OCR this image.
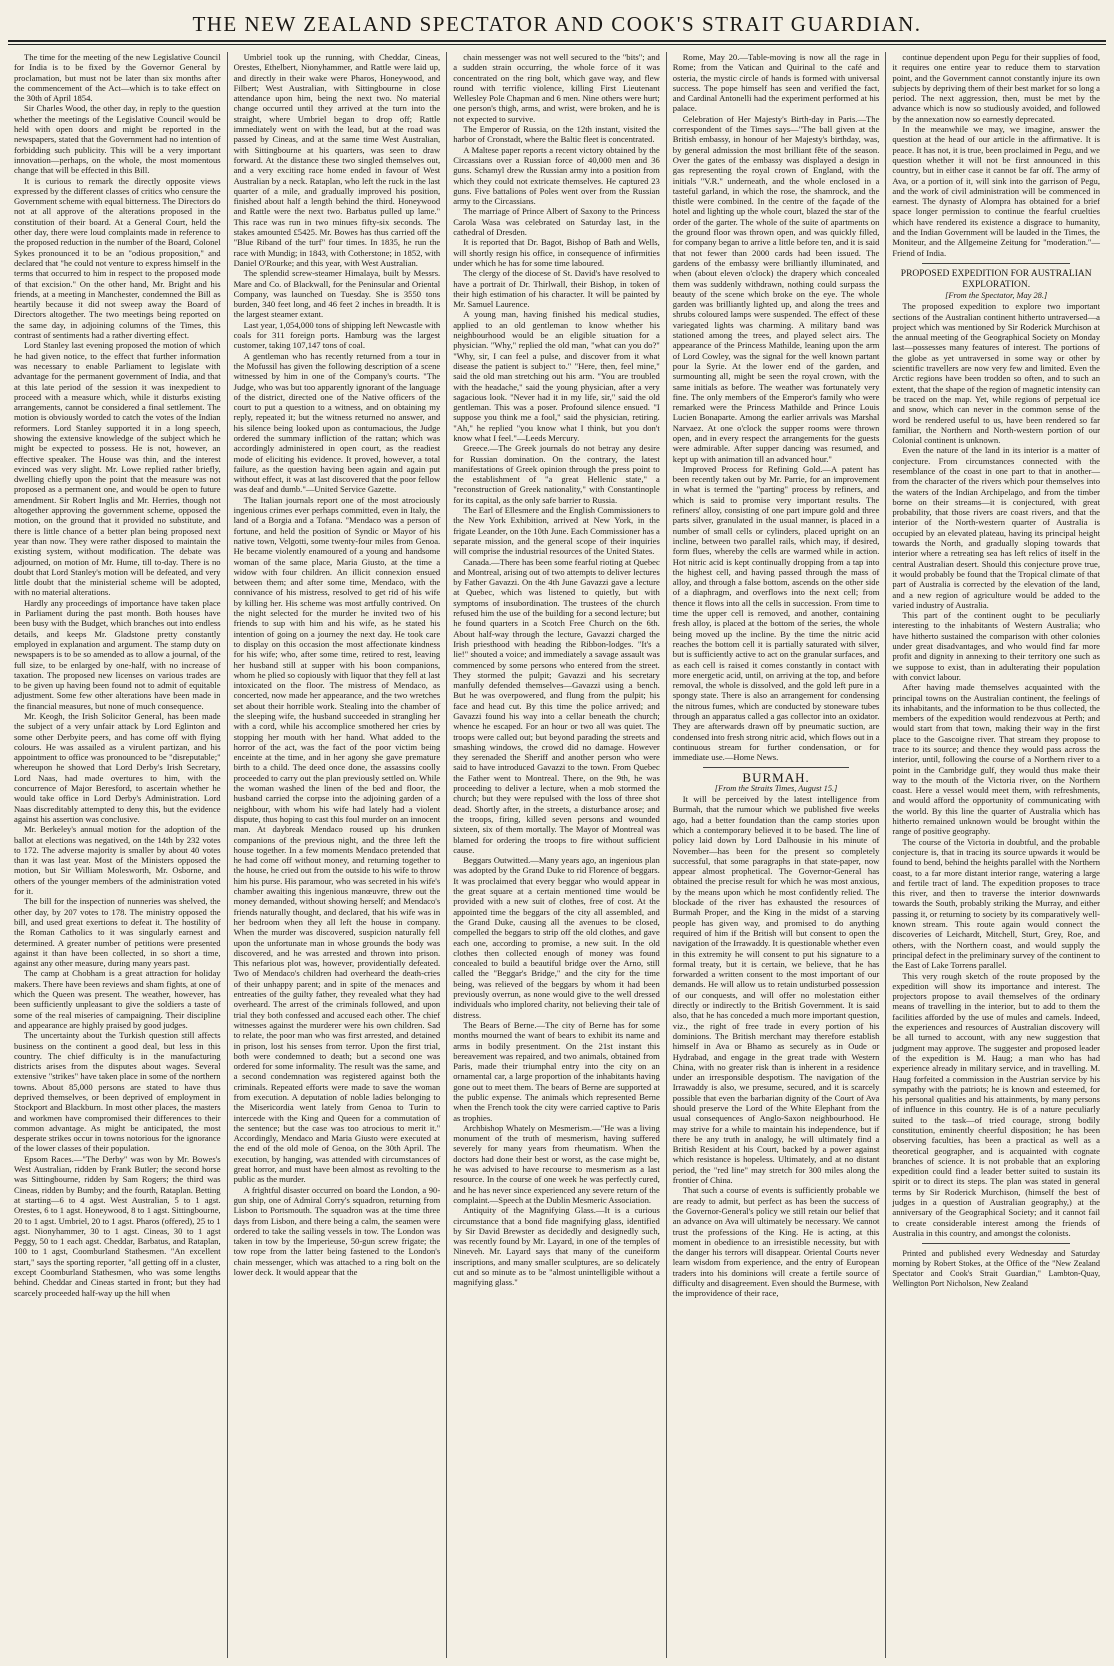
THE NEW ZEALAND SPECTATOR AND COOK'S STRAIT GUARDIAN.

The time for the meeting of the new Legislative Council for India is to be fixed by the Governor General by proclamation, but must not be later than six months after the commencement of the Act—which is to take effect on the 30th of April 1854.

Sir Charles Wood, the other day, in reply to the question whether the meetings of the Legislative Council would be held with open doors and might be reported in the newspapers, stated that the Government had no intention of forbidding such publicity. This will be a very important innovation—perhaps, on the whole, the most momentous change that will be effected in this Bill.

It is curious to remark the directly opposite views expressed by the different classes of critics who censure the Government scheme with equal bitterness. The Directors do not at all approve of the alterations proposed in the constitution of their board. At a General Court, held the other day, there were loud complaints made in reference to the proposed reduction in the number of the Board, Colonel Sykes pronounced it to be an "odious proposition," and declared that "he could not venture to express himself in the terms that occurred to him in respect to the proposed mode of that excision." On the other hand, Mr. Bright and his friends, at a meeting in Manchester, condemned the Bill as heartily because it did not sweep away the Board of Directors altogether. The two meetings being reported on the same day, in adjoining columns of the Times, this contrast of sentiments had a rather diverting effect.

Lord Stanley last evening proposed the motion of which he had given notice, to the effect that further information was necessary to enable Parliament to legislate with advantage for the permanent government of India, and that at this late period of the session it was inexpedient to proceed with a measure which, while it disturbs existing arrangements, cannot be considered a final settlement. The motion is obviously worded to catch the votes of the Indian reformers. Lord Stanley supported it in a long speech, showing the extensive knowledge of the subject which he might be expected to possess. He is not, however, an effective speaker. The House was thin, and the interest evinced was very slight. Mr. Lowe replied rather briefly, dwelling chiefly upon the point that the measure was not proposed as a permanent one, and would be open to future amendment. Sir Robert Inglis and Mr. Herries, though not altogether approving the government scheme, opposed the motion, on the ground that it provided no substitute, and there is little chance of a better plan being proposed next year than now. They were rather disposed to maintain the existing system, without modification. The debate was adjourned, on motion of Mr. Hume, till to-day. There is no doubt that Lord Stanley's motion will be defeated, and very little doubt that the ministerial scheme will be adopted, with no material alterations.

Hardly any proceedings of importance have taken place in Parliament during the past month. Both houses have been busy with the Budget, which branches out into endless details, and keeps Mr. Gladstone pretty constantly employed in explanation and argument. The stamp duty on newspapers is to be so amended as to allow a journal, of the full size, to be enlarged by one-half, with no increase of taxation. The proposed new licenses on various trades are to be given up having been found not to admit of equitable adjustment. Some few other alterations have been made in the financial measures, but none of much consequence.

Mr. Keogh, the Irish Solicitor General, has been made the subject of a very unfair attack by Lord Eglinton and some other Derbyite peers, and has come off with flying colours. He was assailed as a virulent partizan, and his appointment to office was pronounced to be "disreputable;" whereupon he showed that Lord Derby's Irish Secretary, Lord Naas, had made overtures to him, with the concurrence of Major Beresford, to ascertain whether he would take office in Lord Derby's Administration. Lord Naas discreditably attempted to deny this, but the evidence against his assertion was conclusive.

Mr. Berkeley's annual motion for the adoption of the ballot at elections was negatived, on the 14th by 232 votes to 172. The adverse majority is smaller by about 40 votes than it was last year. Most of the Ministers opposed the motion, but Sir William Molesworth, Mr. Osborne, and others of the younger members of the administration voted for it.

The bill for the inspection of nunneries was shelved, the other day, by 207 votes to 178. The ministry opposed the bill, and used great exertions to defeat it. The hostility of the Roman Catholics to it was singularly earnest and determined. A greater number of petitions were presented against it than have been collected, in so short a time, against any other measure, during many years past.

The camp at Chobham is a great attraction for holiday makers. There have been reviews and sham fights, at one of which the Queen was present. The weather, however, has been sufficiently unpleasant to give the soldiers a taste of some of the real miseries of campaigning. Their discipline and appearance are highly praised by good judges.

The uncertainty about the Turkish question still affects business on the continent a good deal, but less in this country. The chief difficulty is in the manufacturing districts arises from the disputes about wages. Several extensive "strikes" have taken place in some of the northern towns. About 85,000 persons are stated to have thus deprived themselves, or been deprived of employment in Stockport and Blackburn. In most other places, the masters and workmen have compromised their differences to their common advantage. As might be anticipated, the most desperate strikes occur in towns notorious for the ignorance of the lower classes of their population.

Epsom Races.—"The Derby" was won by Mr. Bowes's West Australian, ridden by Frank Butler; the second horse was Sittingbourne, ridden by Sam Rogers; the third was Cineas, ridden by Bumby; and the fourth, Rataplan. Betting at starting—6 to 4 agst. West Australian, 5 to 1 agst. Orestes, 6 to 1 agst. Honeywood, 8 to 1 agst. Sittingbourne, 20 to 1 agst. Umbriel, 20 to 1 agst. Pharos (offered), 25 to 1 agst. Nionyhammer, 30 to 1 agst. Cineas, 30 to 1 agst Peggy, 50 to 1 each agst. Cheddar, Barbatus, and Rataplan, 100 to 1 agst, Coomburland Stathesmen. "An excellent start," says the sporting reporter, "all getting off in a cluster, except Coomburland Stathesmen, who was some lengths behind. Cheddar and Cineas started in front; but they had scarcely proceeded half-way up the hill when

Umbriel took up the running, with Cheddar, Cineas, Orestes, Ethelbert, Nionyhammer, and Rattle were laid up, and directly in their wake were Pharos, Honeywood, and Filbert; West Australian, with Sittingbourne in close attendance upon him, being the next two. No material change occurred until they arrived at the turn into the straight, where Umbriel began to drop off; Rattle immediately went on with the lead, but at the road was passed by Cineas, and at the same time West Australian, with Sittingbourne at his quarters, was seen to draw forward. At the distance these two singled themselves out, and a very exciting race home ended in favour of West Australian by a neck. Rataplan, who left the ruck in the last quarter of a mile, and gradually improved his position, finished about half a length behind the third. Honeywood and Rattle were the next two. Barbatus pulled up lame." This race was run in two minues fifty-six seconds. The stakes amounted £5425. Mr. Bowes has thus carried off the "Blue Riband of the turf" four times. In 1835, he run the race with Mundig; in 1843, with Cotherstone; in 1852, with Daniel O'Rourke; and this year, with West Australian.

The splendid screw-steamer Himalaya, built by Messrs. Mare and Co. of Blackwall, for the Peninsular and Oriental Company, was launched on Tuesday. She is 3550 tons burden, 340 feet long, and 46 feet 2 inches in breadth. It is the largest steamer extant.

Last year, 1,054,000 tons of shipping left Newcastle with coals for 311 foreign ports. Hamburg was the largest customer, taking 107,147 tons of coal.

A gentleman who has recently returned from a tour in the Mofussil has given the following description of a scene witnessed by him in one of the Company's courts. "The Judge, who was but too apparently ignorant of the language of the district, directed one of the Native officers of the court to put a question to a witness, and on obtaining my reply, repeated it; but the witness returned no answer, and his silence being looked upon as contumacious, the Judge ordered the summary infliction of the rattan; which was accordingly administered in open court, as the readiest mode of eliciting his evidence. It proved, however, a total failure, as the question having been again and again put without effect, it was at last discovered that the poor fellow was deaf and dumb."—United Service Gazette.

The Italian journals report one of the most atrociously ingenious crimes ever perhaps committed, even in Italy, the land of a Borgia and a Tofana. "Mendaco was a person of fortune, and held the position of Syndic or Mayor of his native town, Velgotti, some twenty-four miles from Genoa. He became violently enamoured of a young and handsome woman of the same place, Maria Giusto, at the time a widow with four children. An illicit connexion ensued between them; and after some time, Mendaco, with the connivance of his mistress, resolved to get rid of his wife by killing her. His scheme was most artfully contrived. On the night selected for the murder he invited two of his friends to sup with him and his wife, as he stated his intention of going on a journey the next day. He took care to display on this occasion the most affectionate kindness for his wife; who, after some time, retired to rest, leaving her husband still at supper with his boon companions, whom he plied so copiously with liquor that they fell at last intoxicated on the floor. The mistress of Mendaco, as concerted, now made her appearance, and the two wretches set about their horrible work. Stealing into the chamber of the sleeping wife, the husband succeeded in strangling her with a cord, while his accomplice smothered her cries by stopping her mouth with her hand. What added to the horror of the act, was the fact of the poor victim being enceinte at the time, and in her agony she gave premature birth to a child. The deed once done, the assassins coolly proceeded to carry out the plan previously settled on. While the woman washed the linen of the bed and floor, the husband carried the corpse into the adjoining garden of a neighbour, with whom his wife had lately had a violent dispute, thus hoping to cast this foul murder on an innocent man. At daybreak Mendaco roused up his drunken companions of the previous night, and the three left the house together. In a few moments Mendaco pretended that he had come off without money, and returning together to the house, he cried out from the outside to his wife to throw him his purse. His paramour, who was secreted in his wife's chamber awaiting this ingenious manœuvre, threw out the money demanded, without showing herself; and Mendaco's friends naturally thought, and declared, that his wife was in her bedroom when they all left the house in company. When the murder was discovered, suspicion naturally fell upon the unfortunate man in whose grounds the body was discovered, and he was arrested and thrown into prison. This nefarious plot was, however, providentially defeated. Two of Mendaco's children had overheard the death-cries of their unhappy parent; and in spite of the menaces and entreaties of the guilty father, they revealed what they had overheard. The arrest of the criminals followed, and upon trial they both confessed and accused each other. The chief witnesses against the murderer were his own children. Sad to relate, the poor man who was first arrested, and detained in prison, lost his senses from terror. Upon the first trial, both were condemned to death; but a second one was ordered for some informality. The result was the same, and a second condemnation was registered against both the criminals. Repeated efforts were made to save the woman from execution. A deputation of noble ladies belonging to the Misericordia went lately from Genoa to Turin to intercede with the King and Queen for a commutation of the sentence; but the case was too atrocious to merit it." Accordingly, Mendaco and Maria Giusto were executed at the end of the old mole of Genoa, on the 30th April. The execution, by hanging, was attended with circumstances of great horror, and must have been almost as revolting to the public as the murder.

A frightful disaster occurred on board the London, a 90-gun ship, one of Admiral Corry's squadron, returning from Lisbon to Portsmouth. The squadron was at the time three days from Lisbon, and there being a calm, the seamen were ordered to take the sailing vessels in tow. The London was taken in tow by the Imperieuse, 50-gun screw frigate; the tow rope from the latter being fastened to the London's chain messenger, which was attached to a ring bolt on the lower deck. It would appear that the

chain messenger was not well secured to the "bits"; and a sudden strain occurring, the whole force of it was concentrated on the ring bolt, which gave way, and flew round with terrific violence, killing First Lieutenant Wellesley Pole Chapman and 6 men. Nine others were hurt; one person's thigh, arms, and wrist, were broken, and he is not expected to survive.

The Emperor of Russia, on the 12th instant, visited the harbor of Cronstadt, where the Baltic fleet is concentrated.

A Maltese paper reports a recent victory obtained by the Circassians over a Russian force of 40,000 men and 36 guns. Schamyl drew the Russian army into a position from which they could not extricate themselves. He captured 23 guns. Five battalions of Poles went over from the Russian army to the Circassians.

The marriage of Prince Albert of Saxony to the Princess Carola Wasa was celebrated on Saturday last, in the cathedral of Dresden.

It is reported that Dr. Bagot, Bishop of Bath and Wells, will shortly resign his office, in consequence of infirmities under which he has for some time laboured.

The clergy of the diocese of St. David's have resolved to have a portrait of Dr. Thirlwall, their Bishop, in token of their high estimation of his character. It will be painted by Mr. Samuel Laurence.

A young man, having finished his medical studies, applied to an old gentleman to know whether his neighbourhood would be an eligible situation for a physician. "Why," replied the old man, "what can you do?" "Why, sir, I can feel a pulse, and discover from it what disease the patient is subject to." "Here, then, feel mine," said the old man stretching out his arm. "You are troubled with the headache," said the young physician, after a very sagacious look. "Never had it in my life, sir," said the old gentleman. This was a poser. Profound silence ensued. "I suppose you think me a fool," said the physician, retiring. "Ah," he replied "you know what I think, but you don't know what I feel."—Leeds Mercury.

Greece.—The Greek journals do not betray any desire for Russian domination. On the contrary, the latest manifestations of Greek opinion through the press point to the establishment of "a great Hellenic state," a "reconstruction of Greek nationality," with Constantinople for its capital, as the only safe barrier to Russia.

The Earl of Ellesmere and the English Commissioners to the New York Exhibition, arrived at New York, in the frigate Leander, on the 10th June. Each Commissioner has a separate mission, and the general scope of their inquiries will comprise the industrial resources of the United States.

Canada.—There has been some fearful rioting at Quebec and Montreal, arising out of two attempts to deliver lectures by Father Gavazzi. On the 4th June Gavazzi gave a lecture at Quebec, which was listened to quietly, but with symptoms of insubordination. The trustees of the church refused him the use of the building for a second lecture; but he found quarters in a Scotch Free Church on the 6th. About half-way through the lecture, Gavazzi charged the Irish priesthood with heading the Ribbon-lodges. "It's a lie!" shouted a voice; and immediately a savage assault was commenced by some persons who entered from the street. They stormed the pulpit; Gavazzi and his secretary manfully defended themselves—Gavazzi using a bench. But he was overpowered, and flung from the pulpit; his face and head cut. By this time the police arrived; and Gavazzi found his way into a cellar beneath the church; whence he escaped. For an hour or two all was quiet. The troops were called out; but beyond parading the streets and smashing windows, the crowd did no damage. However they serenaded the Sheriff and another person who were said to have introduced Gavazzi to the town. From Quebec the Father went to Montreal. There, on the 9th, he was proceeding to deliver a lecture, when a mob stormed the church; but they were repulsed with the loss of three shot dead. Shortly after, in the streets, a disturbance arose; and the troops, firing, killed seven persons and wounded sixteen, six of them mortally. The Mayor of Montreal was blamed for ordering the troops to fire without sufficient cause.

Beggars Outwitted.—Many years ago, an ingenious plan was adopted by the Grand Duke to rid Florence of beggars. It was proclaimed that every beggar who would appear in the great square at a certain mentioned time would be provided with a new suit of clothes, free of cost. At the appointed time the beggars of the city all assembled, and the Grand Duke, causing all the avenues to be closed, compelled the beggars to strip off the old clothes, and gave each one, according to promise, a new suit. In the old clothes then collected enough of money was found concealed to build a beautiful bridge over the Arno, still called the "Beggar's Bridge," and the city for the time being, was relieved of the beggars by whom it had been previously overrun, as none would give to the well dressed individuals who implored charity, not believing their tale of distress.

The Bears of Berne.—The city of Berne has for some months mourned the want of bears to exhibit its name and arms in bodily presentment. On the 21st instant this bereavement was repaired, and two animals, obtained from Paris, made their triumphal entry into the city on an ornamental car, a large proportion of the inhabitants having gone out to meet them. The bears of Berne are supported at the public expense. The animals which represented Berne when the French took the city were carried captive to Paris as trophies.

Archbishop Whately on Mesmerism.—"He was a living monument of the truth of mesmerism, having suffered severely for many years from rheumatism. When the doctors had done their best or worst, as the case might be, he was advised to have recourse to mesmerism as a last resource. In the course of one week he was perfectly cured, and he has never since experienced any severe return of the complaint.—Speech at the Dublin Mesmeric Association.

Antiquity of the Magnifying Glass.—It is a curious circumstance that a bond fide magnifying glass, identified by Sir David Brewster as decidedly and designedly such, was recently found by Mr. Layard, in one of the temples of Nineveh. Mr. Layard says that many of the cuneiform inscriptions, and many smaller sculptures, are so delicately cut and so minute as to be "almost unintelligible without a magnifying glass."

Rome, May 20.—Table-moving is now all the rage in Rome; from the Vatican and Quirinal to the café and osteria, the mystic circle of hands is formed with universal success. The pope himself has seen and verified the fact, and Cardinal Antonelli had the experiment performed at his palace.

Celebration of Her Majesty's Birth-day in Paris.—The correspondent of the Times says—"The ball given at the British embassy, in honour of her Majesty's birthday, was, by general admission the most brilliant fête of the season. Over the gates of the embassy was displayed a design in gas representing the royal crown of England, with the initials "V.R." underneath, and the whole enclosed in a tasteful garland, in which the rose, the shamrock, and the thistle were combined. In the centre of the façade of the hotel and lighting up the whole court, blazed the star of the order of the garter. The whole of the suite of apartments on the ground floor was thrown open, and was quickly filled, for company began to arrive a little before ten, and it is said that not fewer than 2000 cards had been issued. The gardens of the embassy were brilliantly illuminated, and when (about eleven o'clock) the drapery which concealed them was suddenly withdrawn, nothing could surpass the beauty of the scene which broke on the eye. The whole garden was brilliantly lighted up, and along the trees and shrubs coloured lamps were suspended. The effect of these variegated lights was charming. A military band was stationed among the trees, and played select airs. The appearance of the Princess Mathilde, leaning upon the arm of Lord Cowley, was the signal for the well known partant pour la Syrie. At the lower end of the garden, and surmounting all, might be seen the royal crown, with the same initials as before. The weather was fortunately very fine. The only members of the Emperor's family who were remarked were the Princess Mathilde and Prince Louis Lucien Bonaparte. Among the earlier arrivals was Marshal Narvaez. At one o'clock the supper rooms were thrown open, and in every respect the arrangements for the guests were admirable. After supper dancing was resumed, and kept up with animation till an advanced hour."

Improved Process for Refining Gold.—A patent has been recently taken out by Mr. Parrie, for an improvement in what is termed the "parting" process by refiners, and which is said to promise very important results. The refiners' alloy, consisting of one part impure gold and three parts silver, granulated in the usual manner, is placed in a number of small cells or cylinders, placed upright on an incline, between two parallel rails, which may, if desired, form flues, whereby the cells are warmed while in action. Hot nitric acid is kept continually dropping from a tap into the highest cell, and having passed through the mass of alloy, and through a false bottom, ascends on the other side of a diaphragm, and overflows into the next cell; from thence it flows into all the cells in succession. From time to time the upper cell is removed, and another, containing fresh alloy, is placed at the bottom of the series, the whole being moved up the incline. By the time the nitric acid reaches the bottom cell it is partially saturated with silver, but is sufficiently active to act on the granular surfaces, and as each cell is raised it comes constantly in contact with more energetic acid, until, on arriving at the top, and before removal, the whole is dissolved, and the gold left pure in a spongy state. There is also an arrangement for condensing the nitrous fumes, which are conducted by stoneware tubes through an apparatus called a gas collector into an oxidator. They are afterwards drawn off by pneumatic suction, are condensed into fresh strong nitric acid, which flows out in a continuous stream for further condensation, or for immediate use.—Home News.

BURMAH.

[From the Straits Times, August 15.]

It will be perceived by the latest intelligence from Burmah, that the rumour which we published five weeks ago, had a better foundation than the camp stories upon which a contemporary believed it to be based. The line of policy laid down by Lord Dalhousie in his minute of November—has been for the present so completely successful, that some paragraphs in that state-paper, now appear almost prophetical. The Governor-General has obtained the precise result for which he was most anxious, by the means upon which he most confidently relied. The blockade of the river has exhausted the resources of Burmah Proper, and the King in the midst of a starving people has given way, and promised to do anything required of him if the British will but consent to open the navigation of the Irrawaddy. It is questionable whether even in this extremity he will consent to put his signature to a formal treaty, but it is certain, we believe, that he has forwarded a written consent to the most important of our demands. He will allow us to retain undisturbed possession of our conquests, and will offer no molestation either directly or indirectly to the British Government. It is said also, that he has conceded a much more important question, viz., the right of free trade in every portion of his dominions. The British merchant may therefore establish himself in Ava or Bhamo as securely as in Oude or Hydrabad, and engage in the great trade with Western China, with no greater risk than is inherent in a residence under an irresponsible despotism. The navigation of the Irrawaddy is also, we presume, secured, and it is scarcely possible that even the barbarian dignity of the Court of Ava should preserve the Lord of the White Elephant from the usual consequences of Anglo-Saxon neighbourhood. He may strive for a while to maintain his independence, but if there be any truth in analogy, he will ultimately find a British Resident at his Court, backed by a power against which resistance is hopeless. Ultimately, and at no distant period, the "red line" may stretch for 300 miles along the frontier of China.

That such a course of events is sufficiently probable we are ready to admit, but perfect as has been the success of the Governor-General's policy we still retain our belief that an advance on Ava will ultimately be necessary. We cannot trust the professions of the King. He is acting, at this moment in obedience to an irresistible necessity, but with the danger his terrors will disappear. Oriental Courts never learn wisdom from experience, and the entry of European traders into his dominions will create a fertile source of difficulty and disagreement. Even should the Burmese, with the improvidence of their race,

continue dependent upon Pegu for their supplies of food, it requires one entire year to reduce them to starvation point, and the Government cannot constantly injure its own subjects by depriving them of their best market for so long a period. The next aggression, then, must be met by the advance which is now so studiously avoided, and followed by the annexation now so earnestly deprecated.

In the meanwhile we may, we imagine, answer the question at the head of our article in the affirmative. It is peace. It has not, it is true, been proclaimed in Pegu, and we question whether it will not be first announced in this country, but in either case it cannot be far off. The army of Ava, or a portion of it, will sink into the garrison of Pegu, and the work of civil administration will be commenced in earnest. The dynasty of Alompra has obtained for a brief space longer permission to continue the fearful cruelties which have rendered its existence a disgrace to humanity, and the Indian Government will be lauded in the Times, the Moniteur, and the Allgemeine Zeitung for "moderation."—Friend of India.

PROPOSED EXPEDITION FOR AUSTRALIAN EXPLORATION.

[From the Spectator, May 28.]

The proposed expedition to explore two important sections of the Australian continent hitherto untraversed—a project which was mentioned by Sir Roderick Murchison at the annual meeting of the Geographical Society on Monday last—possesses many features of interest. The portions of the globe as yet untraversed in some way or other by scientific travellers are now very few and limited. Even the Arctic regions have been trodden so often, and to such an extent, that the shape of the region of magnetic intensity can be traced on the map. Yet, while regions of perpetual ice and snow, which can never in the common sense of the word be rendered useful to us, have been rendered so far familiar, the Northern and North-western portion of our Colonial continent is unknown.

Even the nature of the land in its interior is a matter of conjecture. From circumstances connected with the resemblance of the coast in one part to that in another—from the character of the rivers which pour themselves into the waters of the Indian Archipelago, and from the timber borne on their streams—it is conjectured, with great probability, that those rivers are coast rivers, and that the interior of the North-western quarter of Australia is occupied by an elevated plateau, having its principal height towards the North, and gradually sloping towards that interior where a retreating sea has left relics of itself in the central Australian desert. Should this conjecture prove true, it would probably be found that the Tropical climate of that part of Australia is corrected by the elevation of the land, and a new region of agriculture would be added to the varied industry of Australia.

This part of the continent ought to be peculiarly interesting to the inhabitants of Western Australia; who have hitherto sustained the comparison with other colonies under great disadvantages, and who would find far more profit and dignity in annexing to their territory one such as we suppose to exist, than in adulterating their population with convict labour.

After having made themselves acquainted with the principal towns on the Australian continent, the feelings of its inhabitants, and the information to be thus collected, the members of the expedition would rendezvous at Perth; and would start from that town, making their way in the first place to the Gascoigne river. That stream they propose to trace to its source; and thence they would pass across the interior, until, following the course of a Northern river to a point in the Cambridge gulf, they would thus make their way to the mouth of the Victoria river, on the Northern coast. Here a vessel would meet them, with refreshments, and would afford the opportunity of communicating with the world. By this line the quarter of Australia which has hitherto remained unknown would be brought within the range of positive geography.

The course of the Victoria in doubtful, and the probable conjecture is, that in tracing its source upwards it would be found to bend, behind the heights parallel with the Northern coast, to a far more distant interior range, watering a large and fertile tract of land. The expedition proposes to trace this river, and then to traverse the interior downwards towards the South, probably striking the Murray, and either passing it, or returning to society by its comparatively well-known stream. This route again would connect the discoveries of Leichardt, Mitchell, Sturt, Grey, Roe, and others, with the Northern coast, and would supply the principal defect in the preliminary survey of the continent to the East of Lake Torrens parallel.

This very rough sketch of the route proposed by the expedition will show its importance and interest. The projectors propose to avail themselves of the ordinary means of travelling in the interior, but to add to them the facilities afforded by the use of mules and camels. Indeed, the experiences and resources of Australian discovery will be all turned to account, with any new suggestion that judgment may approve. The suggester and proposed leader of the expedition is M. Haug; a man who has had experience already in military service, and in travelling. M. Haug forfeited a commission in the Austrian service by his sympathy with the patriots; he is known and esteemed, for his personal qualities and his attainments, by many persons of influence in this country. He is of a nature peculiarly suited to the task—of tried courage, strong bodily constitution, eminently cheerful disposition; he has been observing faculties, has been a practical as well as a theoretical geographer, and is acquainted with cognate branches of science. It is not probable that an exploring expedition could find a leader better suited to sustain its spirit or to direct its steps. The plan was stated in general terms by Sir Roderick Murchison, (himself the best of judges in a question of Australian geography,) at the anniversary of the Geographical Society; and it cannot fail to create considerable interest among the friends of Australia in this country, and amongst the colonists.

Printed and published every Wednesday and Saturday morning by Robert Stokes, at the Office of the "New Zealand Spectator and Cook's Strait Guardian," Lambton-Quay, Wellington Port Nicholson, New Zealand
